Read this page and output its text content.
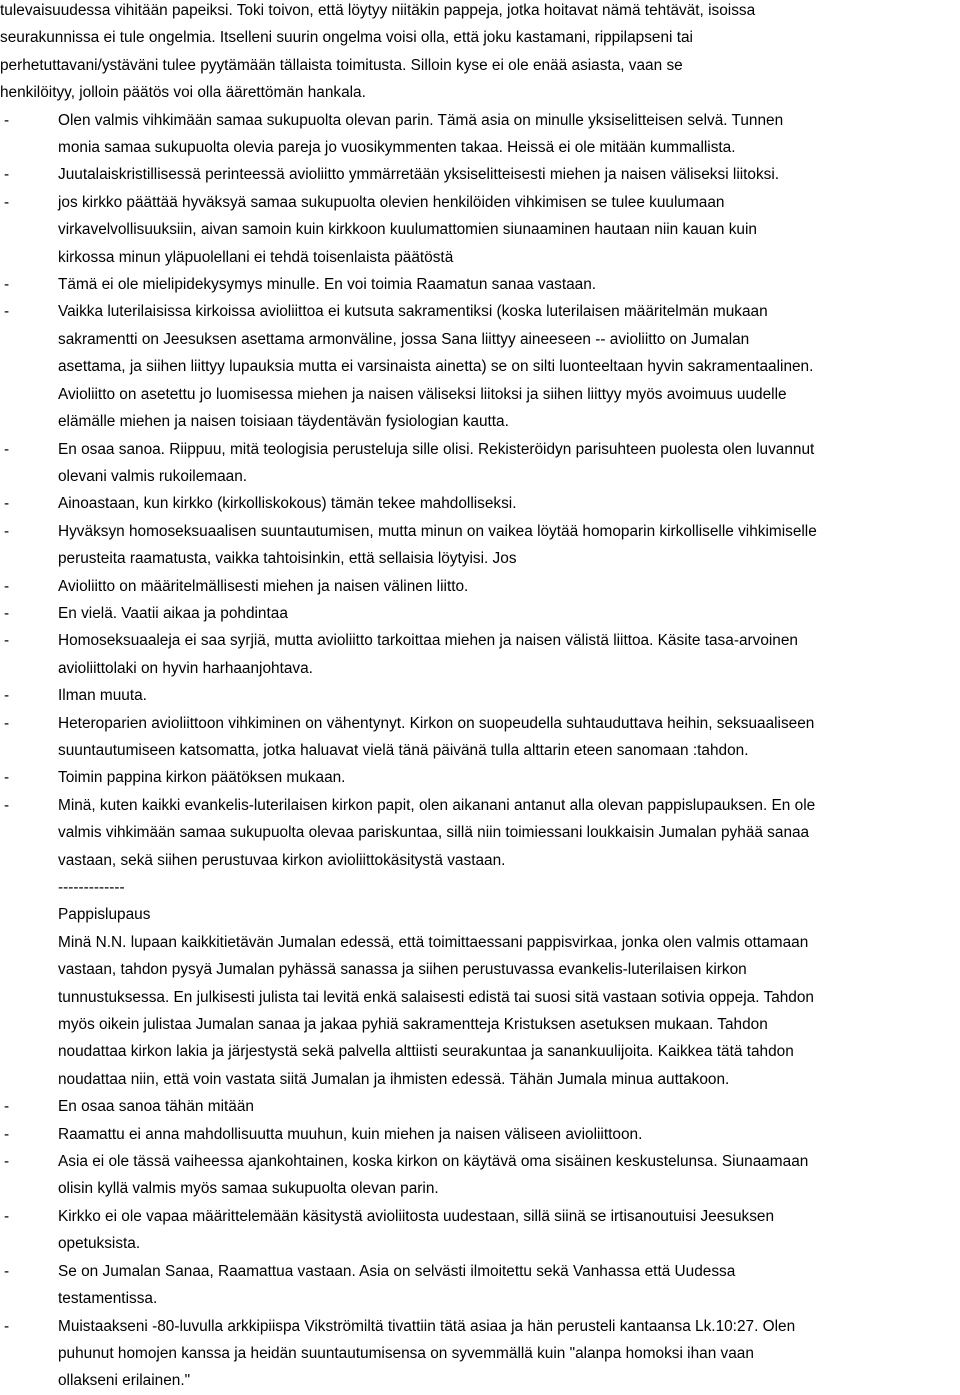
tulevaisuudessa vihitään papeiksi. Toki toivon, että löytyy niitäkin pappeja, jotka hoitavat nämä tehtävät, isoissa
seurakunnissa ei tule ongelmia. Itselleni suurin ongelma voisi olla, että joku kastamani, rippilapseni tai
perhetuttavani/ystäväni tulee pyytämään tällaista toimitusta. Silloin kyse ei ole enää asiasta, vaan se
henkilöityy, jolloin päätös voi olla äärettömän hankala.
-	Olen valmis vihkimään samaa sukupuolta olevan parin. Tämä asia on minulle yksiselitteisen selvä. Tunnen
monia samaa sukupuolta olevia pareja jo vuosikymmenten takaa. Heissä ei ole mitään kummallista.
-	Juutalaiskristillisessä perinteessä avioliitto ymmärretään yksiselitteisesti miehen ja naisen väliseksi liitoksi.
-	jos kirkko päättää hyväksyä samaa sukupuolta olevien henkilöiden vihkimisen se tulee kuulumaan
virkavelvollisuuksiin, aivan samoin kuin kirkkoon kuulumattomien siunaaminen hautaan niin kauan kuin
kirkossa minun yläpuolellani ei tehdä toisenlaista päätöstä
-	Tämä ei ole mielipidekysymys minulle. En voi toimia Raamatun sanaa vastaan.
-	Vaikka luterilaisissa kirkoissa avioliittoa ei kutsuta sakramentiksi (koska luterilaisen määritelmän mukaan
sakramentti on Jeesuksen asettama armonväline, jossa Sana liittyy aineeseen -- avioliitto on Jumalan
asettama, ja siihen liittyy lupauksia mutta ei varsinaista ainetta) se on silti luonteeltaan hyvin sakramentaalinen.
Avioliitto on asetettu jo luomisessa miehen ja naisen väliseksi liitoksi ja siihen liittyy myös avoimuus uudelle
elämälle miehen ja naisen toisiaan täydentävän fysiologian kautta.
-	En osaa sanoa. Riippuu, mitä teologisia perusteluja sille olisi. Rekisteröidyn parisuhteen puolesta olen luvannut
olevani valmis rukoilemaan.
-	Ainoastaan, kun kirkko (kirkolliskokous) tämän tekee mahdolliseksi.
-	Hyväksyn homoseksuaalisen suuntautumisen, mutta minun on vaikea löytää homoparin kirkolliselle vihkimiselle
perusteita raamatusta, vaikka tahtoisinkin, että sellaisia löytyisi. Jos
-	Avioliitto on määritelmällisesti miehen ja naisen välinen liitto.
-	En vielä. Vaatii aikaa ja pohdintaa
-	Homoseksuaaleja ei saa syrjiä, mutta avioliitto tarkoittaa miehen ja naisen välistä liittoa. Käsite tasa-arvoinen
avioliittolaki on hyvin harhaanjohtava.
-	Ilman muuta.
-	Heteroparien avioliittoon vihkiminen on vähentynyt. Kirkon on suopeudella suhtauduttava heihin, seksuaaliseen
suuntautumiseen katsomatta, jotka haluavat vielä tänä päivänä tulla alttarin eteen sanomaan :tahdon.
-	Toimin pappina kirkon päätöksen mukaan.
-	Minä, kuten kaikki evankelis-luterilaisen kirkon papit, olen aikanani antanut alla olevan pappislupauksen. En ole
valmis vihkimään samaa sukupuolta olevaa pariskuntaa, sillä niin toimiessani loukkaisin Jumalan pyhää sanaa
vastaan, sekä siihen perustuvaa kirkon avioliittokäsitystä vastaan.
-------------
Pappislupaus
Minä N.N. lupaan kaikkitietävän Jumalan edessä, että toimittaessani pappisvirkaa, jonka olen valmis ottamaan
vastaan, tahdon pysyä Jumalan pyhässä sanassa ja siihen perustuvassa evankelis-luterilaisen kirkon
tunnustuksessa. En julkisesti julista tai levitä enkä salaisesti edistä tai suosi sitä vastaan sotivia oppeja. Tahdon
myös oikein julistaa Jumalan sanaa ja jakaa pyhiä sakramentteja Kristuksen asetuksen mukaan. Tahdon
noudattaa kirkon lakia ja järjestystä sekä palvella alttiisti seurakuntaa ja sanankuulijoita. Kaikkea tätä tahdon
noudattaa niin, että voin vastata siitä Jumalan ja ihmisten edessä. Tähän Jumala minua auttakoon.
-	En osaa sanoa tähän mitään
-	Raamattu ei anna mahdollisuutta muuhun, kuin miehen ja naisen väliseen avioliittoon.
-	Asia ei ole tässä vaiheessa ajankohtainen, koska kirkon on käytävä oma sisäinen keskustelunsa. Siunaamaan
olisin kyllä valmis myös samaa sukupuolta olevan parin.
-	Kirkko ei ole vapaa määrittelemään käsitystä avioliitosta uudestaan, sillä siinä se irtisanoutuisi Jeesuksen
opetuksista.
-	Se on Jumalan Sanaa, Raamattua vastaan. Asia on selvästi ilmoitettu sekä Vanhassa että Uudessa
testamentissa.
-	Muistaakseni -80-luvulla arkkipiispa Vikströmiltä tivattiin tätä asiaa ja hän perusteli kantaansa Lk.10:27. Olen
puhunut homojen kanssa ja heidän suuntautumisensa on syvemmällä kuin "alanpa homoksi ihan vaan
ollakseni erilainen."
